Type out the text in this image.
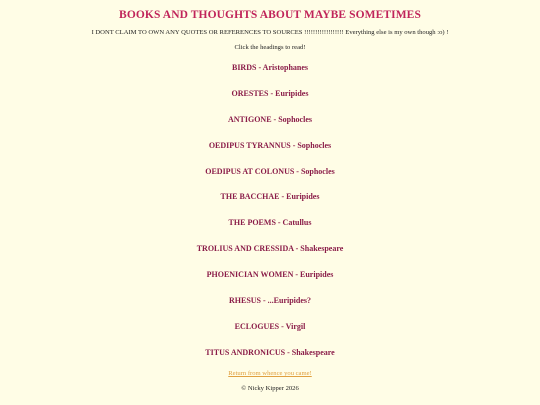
BOOKS AND THOUGHTS ABOUT MAYBE SOMETIMES
I DONT CLAIM TO OWN ANY QUOTES OR REFERENCES TO SOURCES !!!!!!!!!!!!!!!!!! Everything else is my own though :o) !
Click the headings to read!
BIRDS - Aristophanes
ORESTES - Euripides
ANTIGONE - Sophocles
OEDIPUS TYRANNUS - Sophocles
OEDIPUS AT COLONUS - Sophocles
THE BACCHAE - Euripides
THE POEMS - Catullus
TROLIUS AND CRESSIDA - Shakespeare
PHOENICIAN WOMEN - Euripides
RHESUS - ...Euripides?
ECLOGUES - Virgil
TITUS ANDRONICUS - Shakespeare
Return from whence you came!
© Nicky Kipper 2026
